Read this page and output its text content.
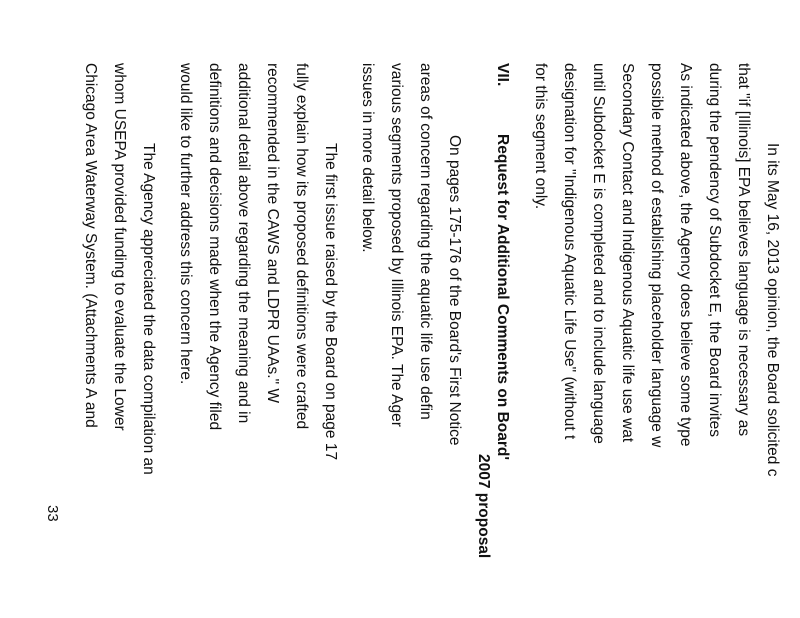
In its May 16, 2013 opinion, the Board solicited c
that "if [Illinois] EPA believes language is necessary as
during the pendency of Subdocket E, the Board invites
As indicated above, the Agency does believe some type
possible method of establishing placeholder language w
Secondary Contact and Indigenous Aquatic life use wat
until Subdocket E is completed and to include language
designation for "Indigenous Aquatic Life Use" (without t
for this segment only.
VII.
Request for Additional Comments on Board'
2007 proposal
On pages 175-176 of the Board's First Notice
areas of concern regarding the aquatic life use defin
various segments proposed by Illinois EPA. The Ager
issues in more detail below.
The first issue raised by the Board on page 17
fully explain how its proposed definitions were crafted
recommended in the CAWS and LDPR UAAs." W
additional detail above regarding the meaning and in
definitions and decisions made when the Agency filed
would like to further address this concern here.
The Agency appreciated the data compilation an
whom USEPA provided funding to evaluate the Lower
Chicago Area Waterway System. (Attachments A and
33
